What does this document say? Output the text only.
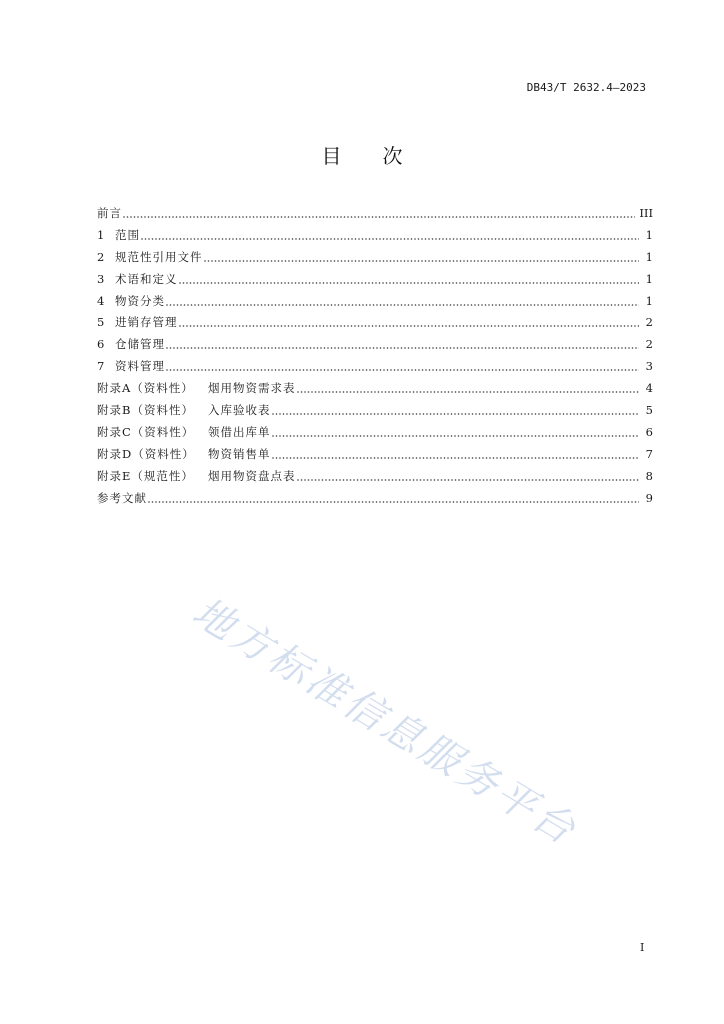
DB43/T 2632.4—2023
目次
前言	III
1 范围	1
2 规范性引用文件	1
3 术语和定义	1
4 物资分类	1
5 进销存管理	2
6 仓储管理	2
7 资料管理	3
附录A（资料性）	烟用物资需求表	4
附录B（资料性）	入库验收表	5
附录C（资料性）	领借出库单	6
附录D（资料性）	物资销售单	7
附录E（规范性）	烟用物资盘点表	8
参考文献	9
地方标准信息服务平台
I
